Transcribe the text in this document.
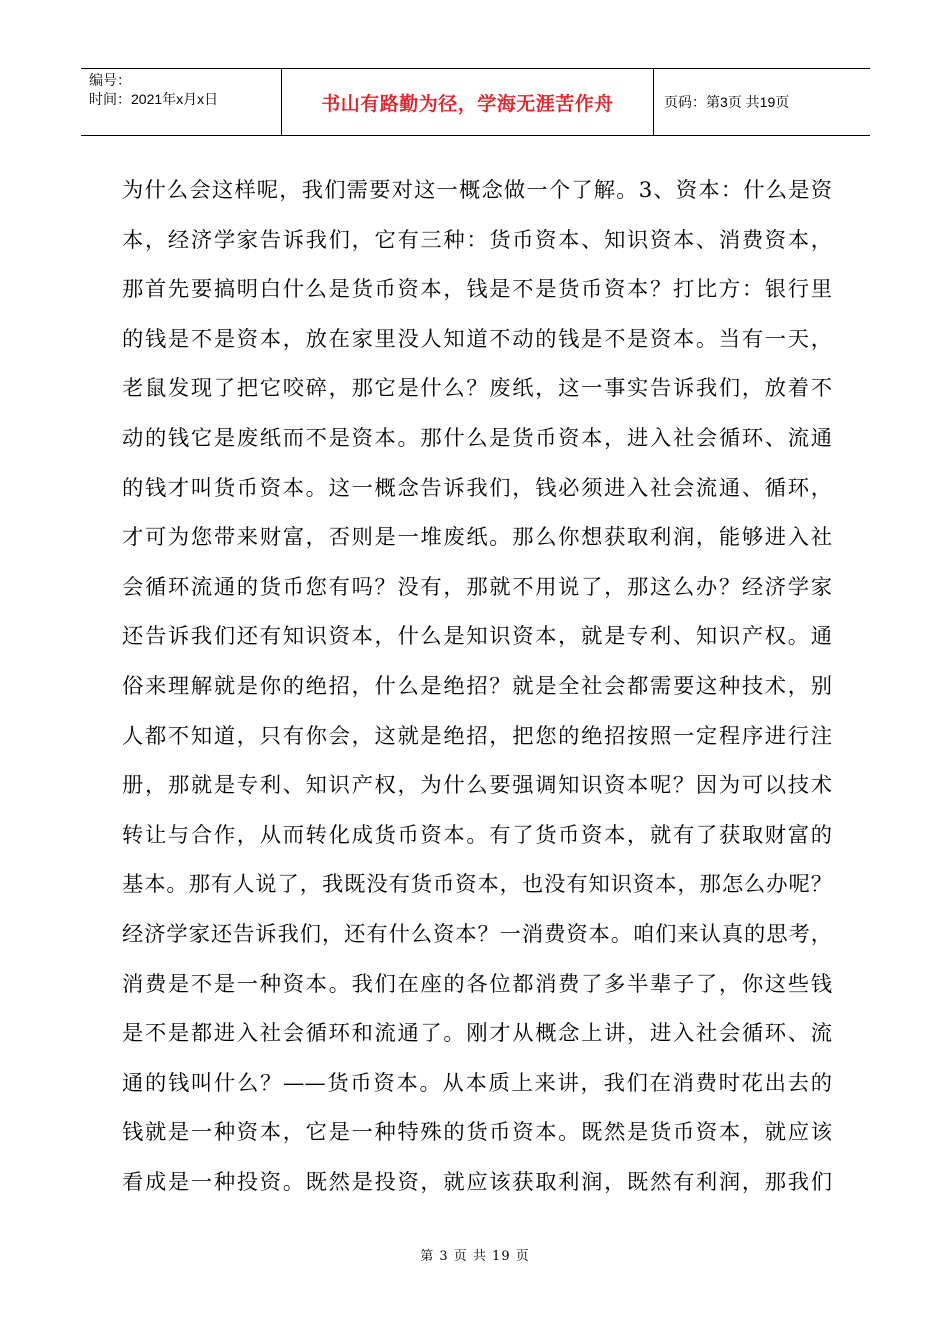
编号：
时间：2021年x月x日	书山有路勤为径，学海无涯苦作舟	页码：第3页 共19页
为什么会这样呢，我们需要对这一概念做一个了解。3、资本：什么是资
本，经济学家告诉我们，它有三种：货币资本、知识资本、消费资本，
那首先要搞明白什么是货币资本，钱是不是货币资本？打比方：银行里
的钱是不是资本，放在家里没人知道不动的钱是不是资本。当有一天，
老鼠发现了把它咬碎，那它是什么？废纸，这一事实告诉我们，放着不
动的钱它是废纸而不是资本。那什么是货币资本，进入社会循环、流通
的钱才叫货币资本。这一概念告诉我们，钱必须进入社会流通、循环，
才可为您带来财富，否则是一堆废纸。那么你想获取利润，能够进入社
会循环流通的货币您有吗？没有，那就不用说了，那这么办？经济学家
还告诉我们还有知识资本，什么是知识资本，就是专利、知识产权。通
俗来理解就是你的绝招，什么是绝招？就是全社会都需要这种技术，别
人都不知道，只有你会，这就是绝招，把您的绝招按照一定程序进行注
册，那就是专利、知识产权，为什么要强调知识资本呢？因为可以技术
转让与合作，从而转化成货币资本。有了货币资本，就有了获取财富的
基本。那有人说了，我既没有货币资本，也没有知识资本，那怎么办呢？
经济学家还告诉我们，还有什么资本？一消费资本。咱们来认真的思考，
消费是不是一种资本。我们在座的各位都消费了多半辈子了，你这些钱
是不是都进入社会循环和流通了。刚才从概念上讲，进入社会循环、流
通的钱叫什么？——货币资本。从本质上来讲，我们在消费时花出去的
钱就是一种资本，它是一种特殊的货币资本。既然是货币资本，就应该
看成是一种投资。既然是投资，就应该获取利润，既然有利润，那我们
第 3 页 共 19 页
